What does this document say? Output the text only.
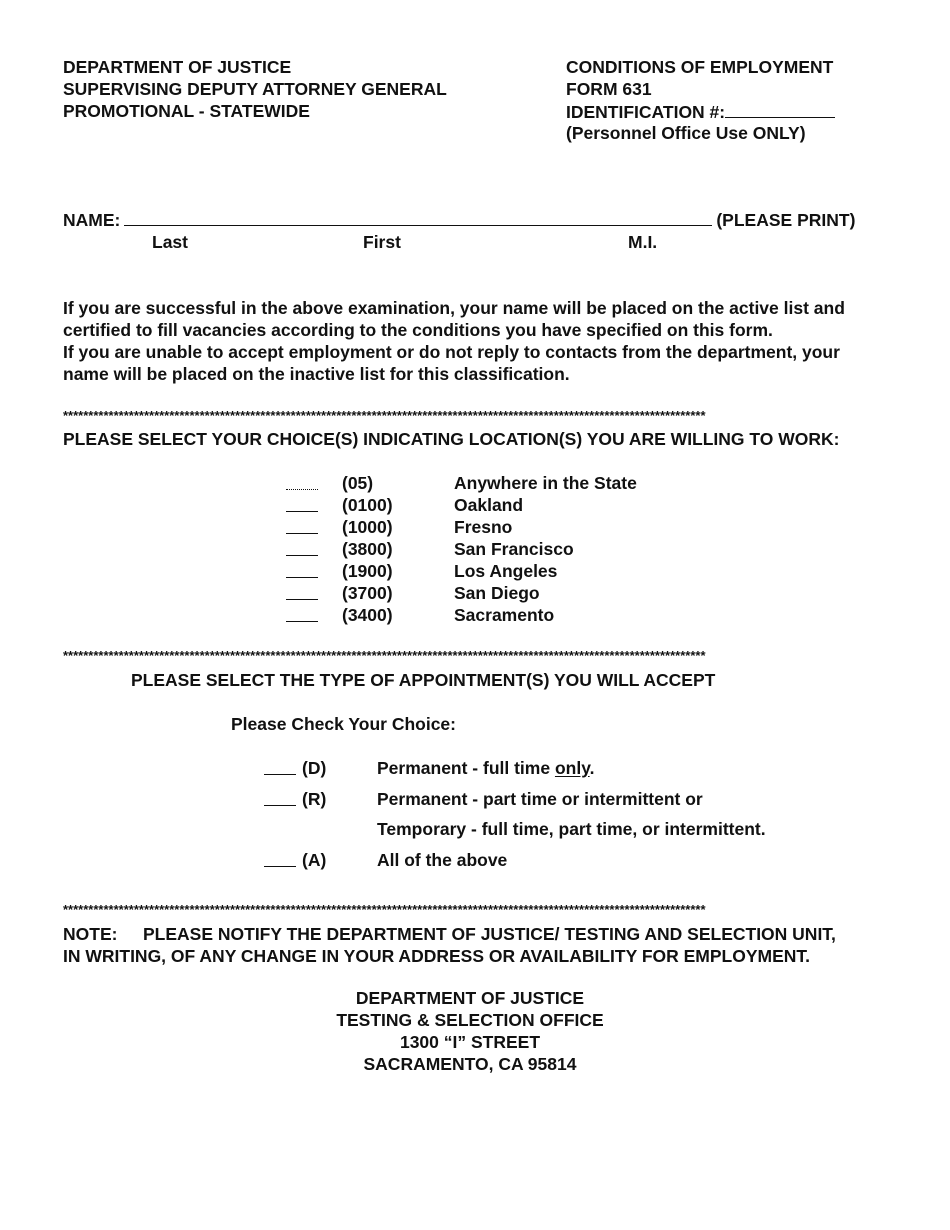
DEPARTMENT OF JUSTICE
SUPERVISING DEPUTY ATTORNEY GENERAL
PROMOTIONAL - STATEWIDE
CONDITIONS OF EMPLOYMENT
FORM 631
IDENTIFICATION #:
(Personnel Office Use ONLY)
NAME:	(PLEASE PRINT)
Last	First	M.I.
If you are successful in the above examination, your name will be placed on the active list and
certified to fill vacancies according to the conditions you have specified on this form.
If you are unable to accept employment or do not reply to contacts from the department, your
name will be placed on the inactive list for this classification.
*******************************************************************************************************************************
PLEASE SELECT YOUR CHOICE(S) INDICATING LOCATION(S) YOU ARE WILLING TO WORK:
(05)	Anywhere in the State
(0100)	Oakland
(1000)	Fresno
(3800)	San Francisco
(1900)	Los Angeles
(3700)	San Diego
(3400)	Sacramento
*******************************************************************************************************************************
PLEASE SELECT THE TYPE OF APPOINTMENT(S) YOU WILL ACCEPT
Please Check Your Choice:
(D)	Permanent - full time only.
(R)	Permanent - part time or intermittent or
Temporary - full time, part time, or intermittent.
(A)	All of the above
*******************************************************************************************************************************
NOTE: PLEASE NOTIFY THE DEPARTMENT OF JUSTICE/ TESTING AND SELECTION UNIT,
IN WRITING, OF ANY CHANGE IN YOUR ADDRESS OR AVAILABILITY FOR EMPLOYMENT.
DEPARTMENT OF JUSTICE
TESTING & SELECTION OFFICE
1300 “I” STREET
SACRAMENTO, CA 95814
